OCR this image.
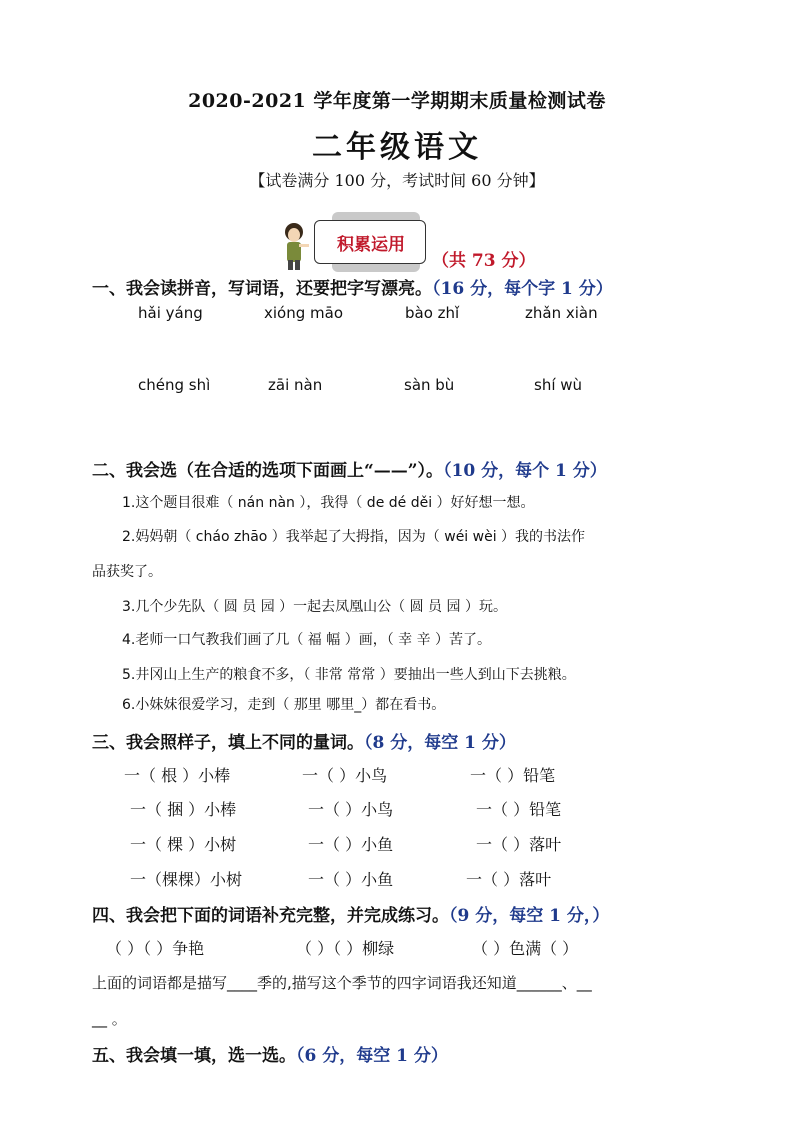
2020-2021 学年度第一学期期末质量检测试卷
二年级语文
【试卷满分 100 分，考试时间 60 分钟】
积累运用
（共 73 分）
一、我会读拼音，写词语，还要把字写漂亮。（16 分，每个字 1 分）
hǎi yáng	xióng māo	bào zhǐ	zhǎn xiàn
chéng shì	zāi nàn	sàn bù	shí wù
二、我会选（在合适的选项下面画上“——”）。（10 分，每个 1 分）
1.这个题目很难（ nán nàn ），我得（ de dé děi ）好好想一想。
2.妈妈朝（ cháo zhāo ）我举起了大拇指，因为（ wéi wèi ）我的书法作
品获奖了。
3.几个少先队（ 圆 员 园 ）一起去凤凰山公（ 圆 员 园 ）玩。
4.老师一口气教我们画了几（ 福 幅 ）画，（ 幸 辛 ）苦了。
5.井冈山上生产的粮食不多，（ 非常 常常 ）要抽出一些人到山下去挑粮。
6.小妹妹很爱学习，走到（ 那里 哪里_）都在看书。
三、我会照样子，填上不同的量词。（8 分，每空 1 分）
一（ 根 ）小棒	一（ ）小鸟	一（ ）铅笔
一（ 捆 ）小棒	一（ ）小鸟	一（ ）铅笔
一（ 棵 ）小树	一（ ）小鱼	一（ ）落叶
一（棵棵）小树	一（ ）小鱼	一（ ）落叶
四、我会把下面的词语补充完整，并完成练习。（9 分，每空 1 分，）
（ ）（ ）争艳	（ ）（ ）柳绿	（ ）色满（ ）
上面的词语都是描写____季的,描写这个季节的四字词语我还知道______、__
__ 。
五、我会填一填，选一选。（6 分，每空 1 分）
